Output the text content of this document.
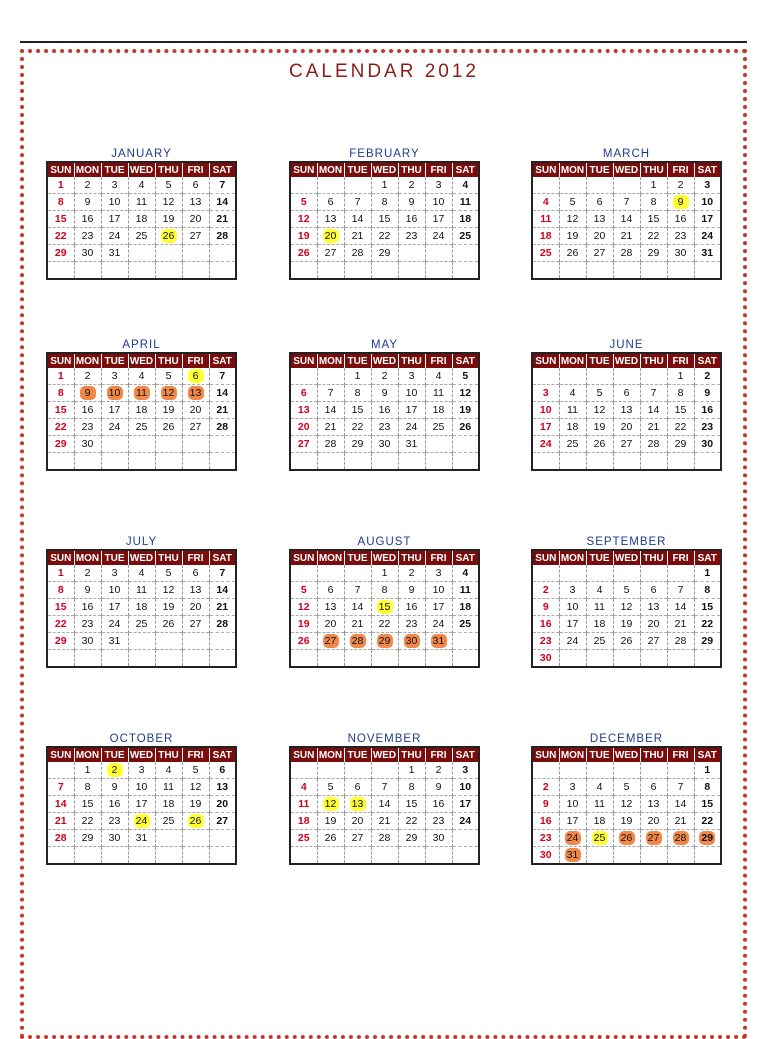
CALENDAR 2012
JANUARY
SUN	MON	TUE	WED	THU	FRI	SAT
1	2	3	4	5	6	7
8	9	10	11	12	13	14
15	16	17	18	19	20	21
22	23	24	25	26	27	28
29	30	31				

FEBRUARY
SUN	MON	TUE	WED	THU	FRI	SAT
			1	2	3	4
5	6	7	8	9	10	11
12	13	14	15	16	17	18
19	20	21	22	23	24	25
26	27	28	29			

MARCH
SUN	MON	TUE	WED	THU	FRI	SAT
				1	2	3
4	5	6	7	8	9	10
11	12	13	14	15	16	17
18	19	20	21	22	23	24
25	26	27	28	29	30	31

APRIL
SUN	MON	TUE	WED	THU	FRI	SAT
1	2	3	4	5	6	7
8	9	10	11	12	13	14
15	16	17	18	19	20	21
22	23	24	25	26	27	28
29	30					

MAY
SUN	MON	TUE	WED	THU	FRI	SAT
		1	2	3	4	5
6	7	8	9	10	11	12
13	14	15	16	17	18	19
20	21	22	23	24	25	26
27	28	29	30	31		

JUNE
SUN	MON	TUE	WED	THU	FRI	SAT
					1	2
3	4	5	6	7	8	9
10	11	12	13	14	15	16
17	18	19	20	21	22	23
24	25	26	27	28	29	30

JULY
SUN	MON	TUE	WED	THU	FRI	SAT
1	2	3	4	5	6	7
8	9	10	11	12	13	14
15	16	17	18	19	20	21
22	23	24	25	26	27	28
29	30	31				

AUGUST
SUN	MON	TUE	WED	THU	FRI	SAT
			1	2	3	4
5	6	7	8	9	10	11
12	13	14	15	16	17	18
19	20	21	22	23	24	25
26	27	28	29	30	31	

SEPTEMBER
SUN	MON	TUE	WED	THU	FRI	SAT
						1
2	3	4	5	6	7	8
9	10	11	12	13	14	15
16	17	18	19	20	21	22
23	24	25	26	27	28	29
30						
OCTOBER
SUN	MON	TUE	WED	THU	FRI	SAT
	1	2	3	4	5	6
7	8	9	10	11	12	13
14	15	16	17	18	19	20
21	22	23	24	25	26	27
28	29	30	31			

NOVEMBER
SUN	MON	TUE	WED	THU	FRI	SAT
				1	2	3
4	5	6	7	8	9	10
11	12	13	14	15	16	17
18	19	20	21	22	23	24
25	26	27	28	29	30	

DECEMBER
SUN	MON	TUE	WED	THU	FRI	SAT
						1
2	3	4	5	6	7	8
9	10	11	12	13	14	15
16	17	18	19	20	21	22
23	24	25	26	27	28	29
30	31					
